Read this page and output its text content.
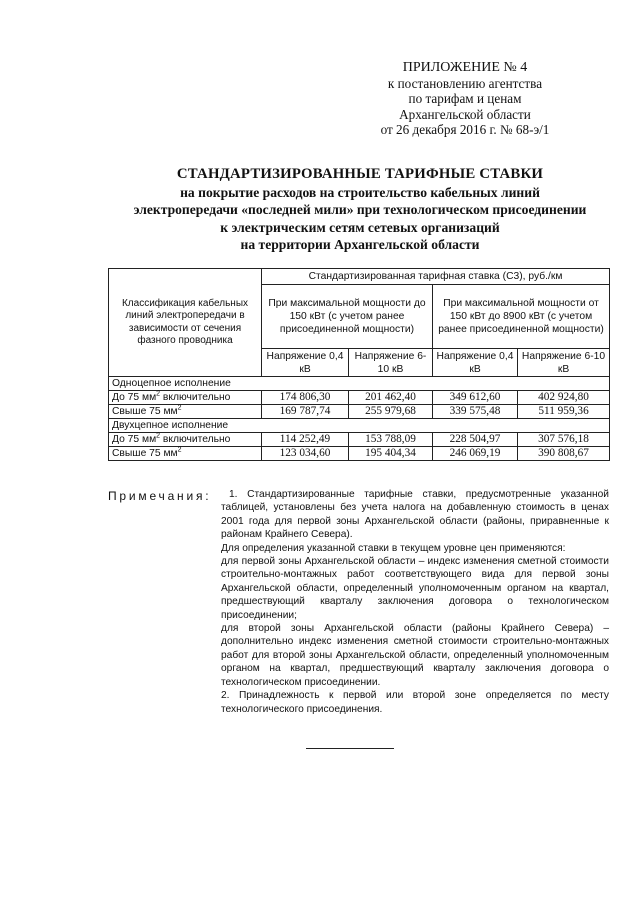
ПРИЛОЖЕНИЕ № 4
к постановлению агентства
по тарифам и ценам
Архангельской области
от 26 декабря 2016 г. № 68-э/1
СТАНДАРТИЗИРОВАННЫЕ ТАРИФНЫЕ СТАВКИ
на покрытие расходов на строительство кабельных линий
электропередачи «последней мили» при технологическом присоединении
к электрическим сетям сетевых организаций
на территории Архангельской области
Классификация кабельных линий электропередачи в зависимости от сечения фазного проводника	Стандартизированная тарифная ставка (С3), руб./км			
	При максимальной мощности до 150 кВт (с учетом ранее присоединенной мощности)		При максимальной мощности от 150 кВт до 8900 кВт (с учетом ранее присоединенной мощности)	
	Напряжение 0,4 кВ	Напряжение 6-10 кВ	Напряжение 0,4 кВ	Напряжение 6-10 кВ
Одноцепное исполнение				
До 75 $мм^2$ включительно	174 806,30	201 462,40	349 612,60	402 924,80
Свыше 75 $мм^2$	169 787,74	255 979,68	339 575,48	511 959,36
Двухцепное исполнение				
До 75 $мм^2$ включительно	114 252,49	153 788,09	228 504,97	307 576,18
Свыше 75 $мм^2$	123 034,60	195 404,34	246 069,19	390 808,67
Примечания:	1. Стандартизированные тарифные ставки, предусмотренные указанной таблицей, установлены без учета налога на добавленную стоимость в ценах 2001 года для первой зоны Архангельской области (районы, приравненные к районам Крайнего Севера).

Для определения указанной ставки в текущем уровне цен применяются:

для первой зоны Архангельской области – индекс изменения сметной стоимости строительно-монтажных работ соответствующего вида для первой зоны Архангельской области, определенный уполномоченным органом на квартал, предшествующий кварталу заключения договора о технологическом присоединении;

для второй зоны Архангельской области (районы Крайнего Севера) – дополнительно индекс изменения сметной стоимости строительно-монтажных работ для второй зоны Архангельской области, определенный уполномоченным органом на квартал, предшествующий кварталу заключения договора о технологическом присоединении.

2. Принадлежность к первой или второй зоне определяется по месту технологического присоединения.
